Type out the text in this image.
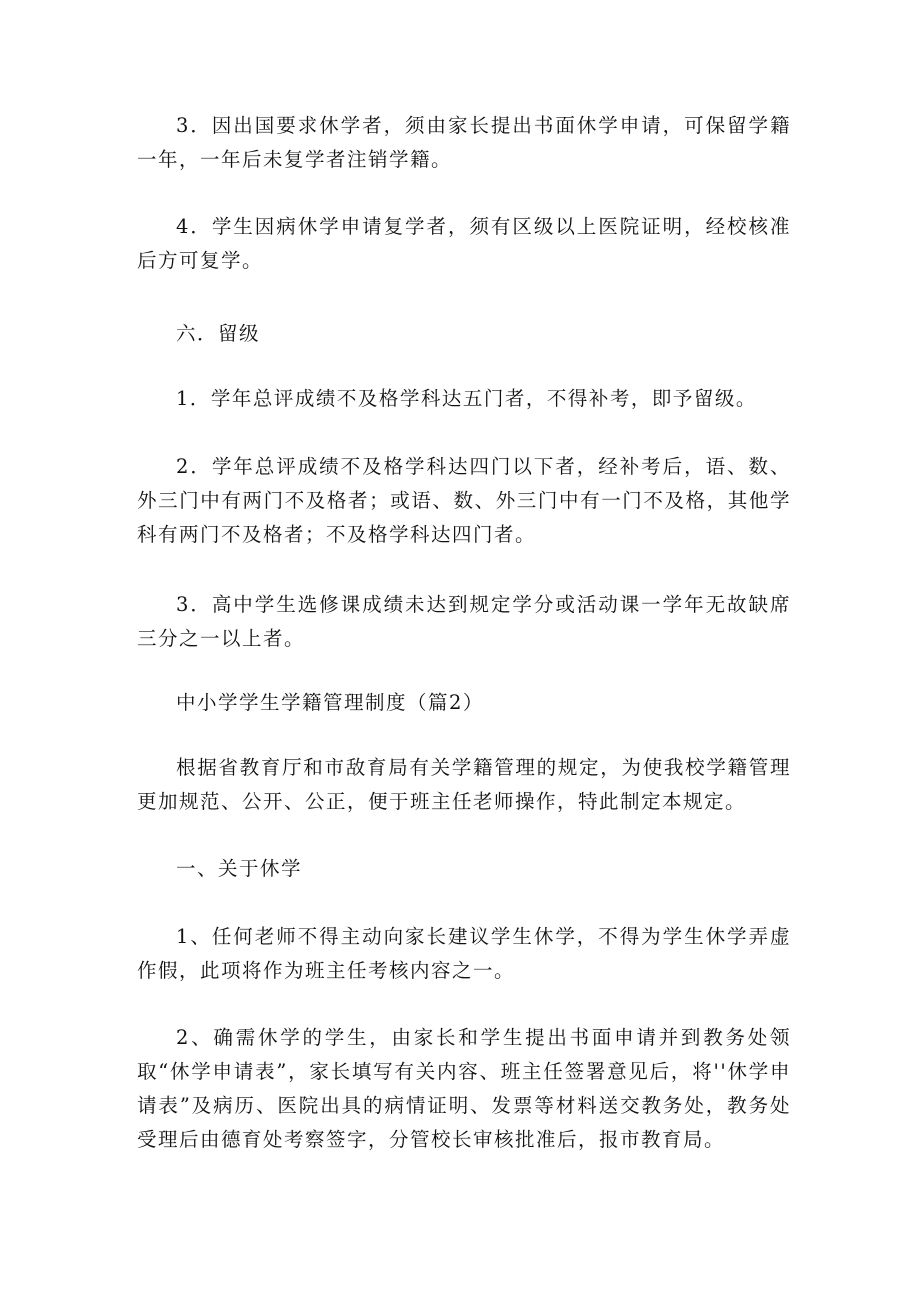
3．因出国要求休学者，须由家长提出书面休学申请，可保留学籍一年，一年后未复学者注销学籍。

4．学生因病休学申请复学者，须有区级以上医院证明，经校核准后方可复学。

六．留级

1．学年总评成绩不及格学科达五门者，不得补考，即予留级。

2．学年总评成绩不及格学科达四门以下者，经补考后，语、数、外三门中有两门不及格者；或语、数、外三门中有一门不及格，其他学科有两门不及格者；不及格学科达四门者。

3．高中学生选修课成绩未达到规定学分或活动课一学年无故缺席三分之一以上者。

中小学学生学籍管理制度（篇2）

根据省教育厅和市敌育局有关学籍管理的规定，为使我校学籍管理更加规范、公开、公正，便于班主任老师操作，特此制定本规定。

一、关于休学

1、任何老师不得主动向家长建议学生休学，不得为学生休学弄虚作假，此项将作为班主任考核内容之一。

2、确需休学的学生，由家长和学生提出书面申请并到教务处领取“休学申请表”，家长填写有关内容、班主任签署意见后，将''休学申请表”及病历、医院出具的病情证明、发票等材料送交教务处，教务处受理后由德育处考察签字，分管校长审核批准后，报市教育局。
